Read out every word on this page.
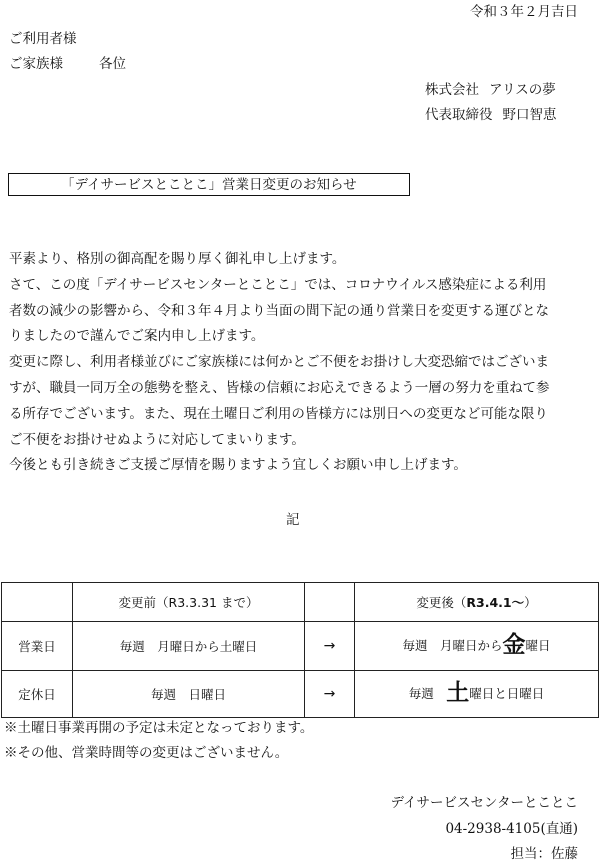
令和３年２月吉日
ご利用者様
ご家族様	各位
株式会社 アリスの夢
代表取締役 野口智恵
「デイサービスとことこ」営業日変更のお知らせ

平素より、格別の御高配を賜り厚く御礼申し上げます。

さて、この度「デイサービスセンターとことこ」では、コロナウイルス感染症による利用

者数の減少の影響から、令和３年４月より当面の間下記の通り営業日を変更する運びとな

りましたので謹んでご案内申し上げます。

変更に際し、利用者様並びにご家族様には何かとご不便をお掛けし大変恐縮ではございま

すが、職員一同万全の態勢を整え、皆様の信頼にお応えできるよう一層の努力を重ねて参

る所存でございます。また、現在土曜日ご利用の皆様方には別日への変更など可能な限り

ご不便をお掛けせぬように対応してまいります。

今後とも引き続きご支援ご厚情を賜りますよう宜しくお願い申し上げます。

記
	変更前（R3.3.31 まで）		変更後（R3.4.1〜）
営業日	毎週　月曜日から土曜日	→	毎週　月曜日から金曜日
定休日	毎週　日曜日	→	毎週　土曜日と日曜日

※土曜日事業再開の予定は未定となっております。

※その他、営業時間等の変更はございません。

デイサービスセンターとことこ
04-2938-4105(直通)
担当：佐藤
